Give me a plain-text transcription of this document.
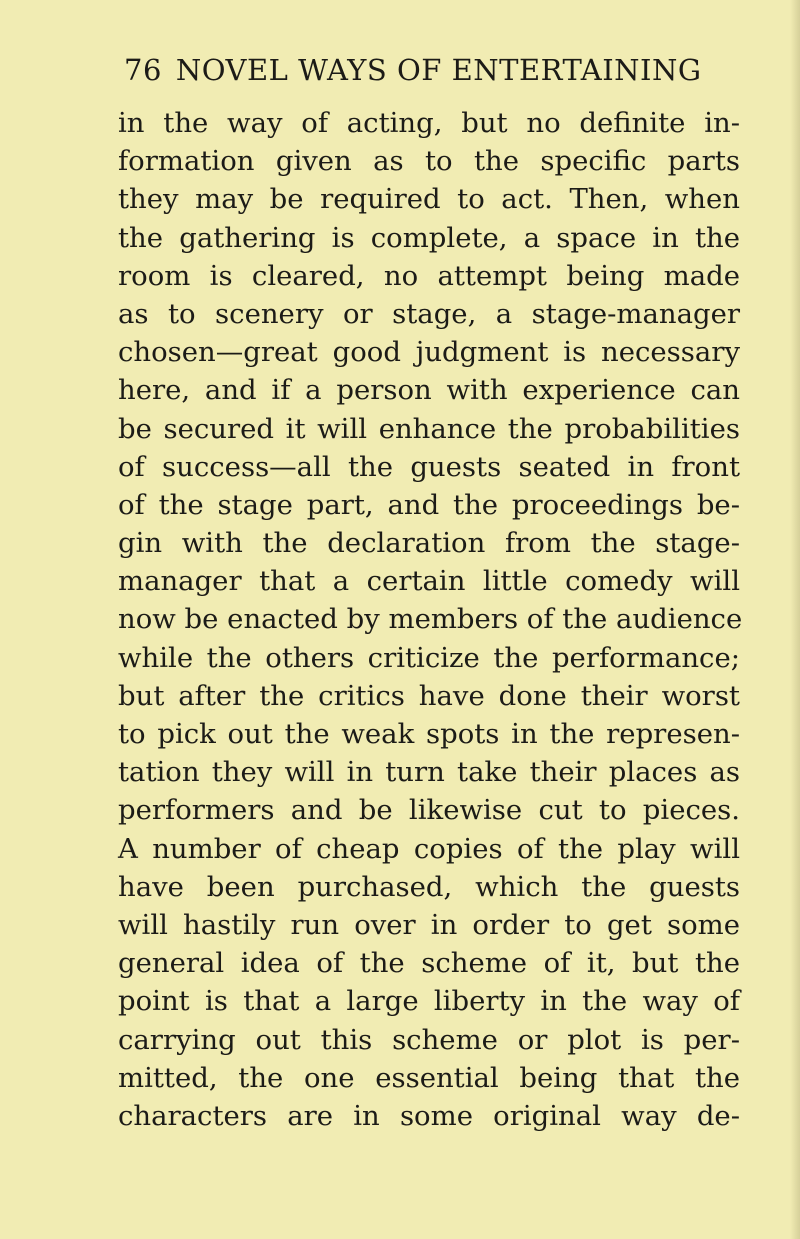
76 NOVEL WAYS OF ENTERTAINING
in the way of acting, but no definite in-
formation given as to the specific parts
they may be required to act. Then, when
the gathering is complete, a space in the
room is cleared, no attempt being made
as to scenery or stage, a stage-manager
chosen—great good judgment is necessary
here, and if a person with experience can
be secured it will enhance the probabilities
of success—all the guests seated in front
of the stage part, and the proceedings be-
gin with the declaration from the stage-
manager that a certain little comedy will
now be enacted by members of the audience
while the others criticize the performance;
but after the critics have done their worst
to pick out the weak spots in the represen-
tation they will in turn take their places as
performers and be likewise cut to pieces.
A number of cheap copies of the play will
have been purchased, which the guests
will hastily run over in order to get some
general idea of the scheme of it, but the
point is that a large liberty in the way of
carrying out this scheme or plot is per-
mitted, the one essential being that the
characters are in some original way de-
